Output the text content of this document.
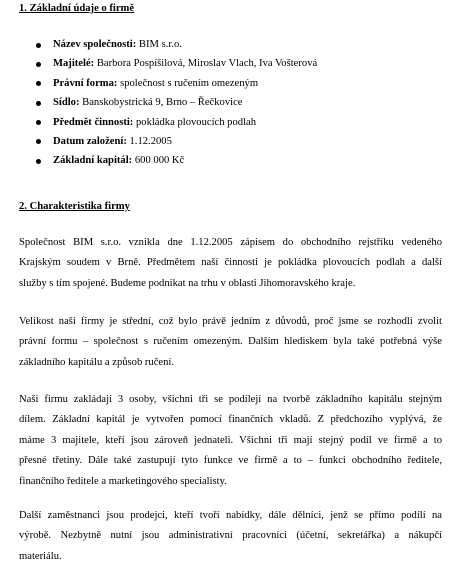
1. Základní údaje o firmě
Název společnosti: BIM s.r.o.
Majitelé: Barbora Pospíšilová, Miroslav Vlach, Iva Vošterová
Právní forma: společnost s ručením omezeným
Sídlo: Banskobystrická 9, Brno – Řečkovice
Předmět činnosti: pokládka plovoucích podlah
Datum založení: 1.12.2005
Základní kapitál: 600 000 Kč
2. Charakteristika firmy
Společnost BIM s.r.o. vznikla dne 1.12.2005 zápisem do obchodního rejstříku vedeného
Krajským soudem v Brně. Předmětem naší činnosti je pokládka plovoucích podlah a další
služby s tím spojené. Budeme podnikat na trhu v oblasti Jihomoravského kraje.
Velikost naší firmy je střední, což bylo právě jedním z důvodů, proč jsme se rozhodli zvolit
právní formu – společnost s ručením omezeným. Dalším hlediskem byla také potřebná výše
základního kapitálu a způsob ručení.
Naši firmu zakládají 3 osoby, všichni tři se podílejí na tvorbě základního kapitálu stejným
dílem. Základní kapitál je vytvořen pomocí finančních vkladů. Z předchozího vyplývá, že
máme 3 majitele, kteří jsou zároveň jednateli. Všichni tři mají stejný podíl ve firmě a to
přesné třetiny. Dále také zastupují tyto funkce ve firmě a to – funkci obchodního ředitele,
finančního ředitele a marketingového specialisty.
Další zaměstnanci jsou prodejci, kteří tvoří nabídky, dále dělníci, jenž se přímo podílí na
výrobě. Nezbytně nutní jsou administrativní pracovníci (účetní, sekretářka) a nákupčí
materiálu.
